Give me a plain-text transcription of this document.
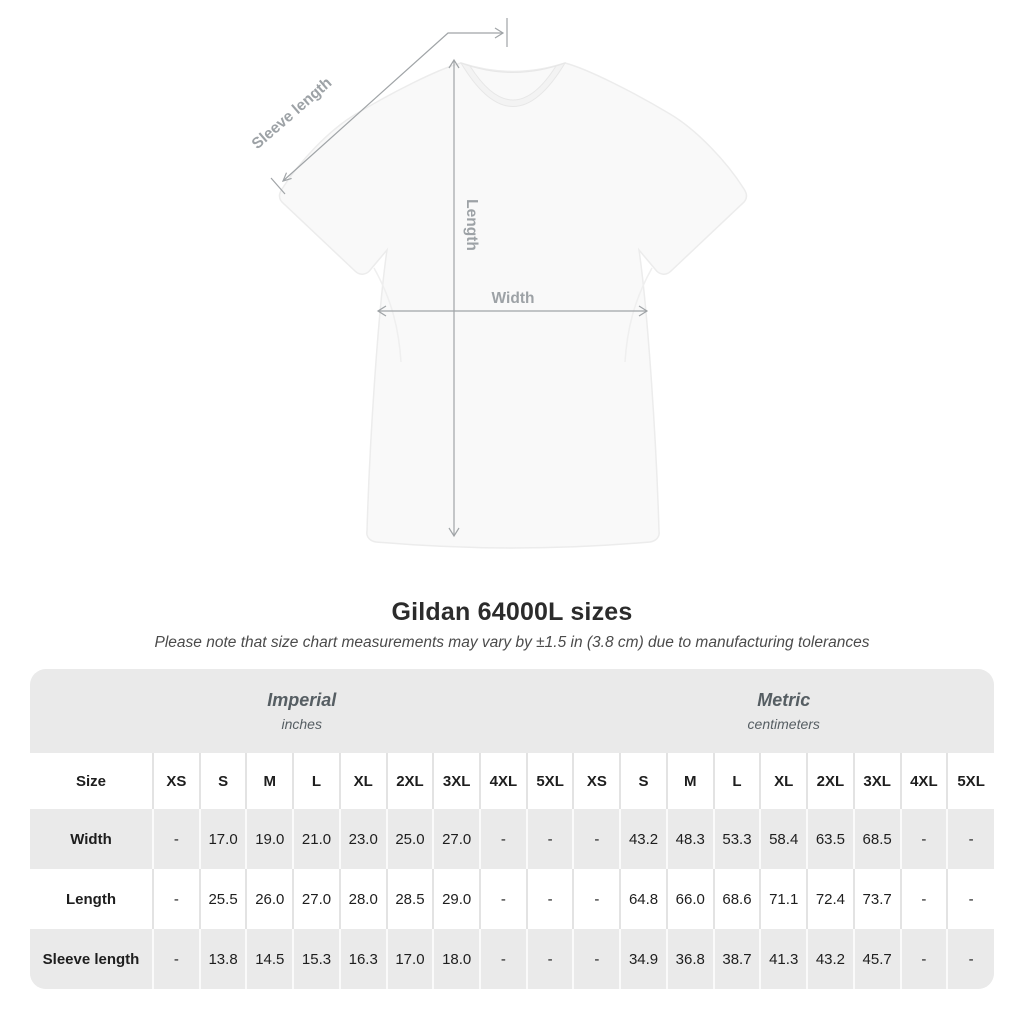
Sleeve length
Length
Width
Gildan 64000L sizes

Please note that size chart measurements may vary by ±1.5 in (3.8 cm) due to manufacturing tolerances

Imperial
inches

Metric
centimeters

Size	XS	S	M	L	XL	2XL	3XL	4XL	5XL	XS	S	M	L	XL	2XL	3XL	4XL	5XL
Width	-	17.0	19.0	21.0	23.0	25.0	27.0	-	-	-	43.2	48.3	53.3	58.4	63.5	68.5	-	-
Length	-	25.5	26.0	27.0	28.0	28.5	29.0	-	-	-	64.8	66.0	68.6	71.1	72.4	73.7	-	-
Sleeve length	-	13.8	14.5	15.3	16.3	17.0	18.0	-	-	-	34.9	36.8	38.7	41.3	43.2	45.7	-	-
